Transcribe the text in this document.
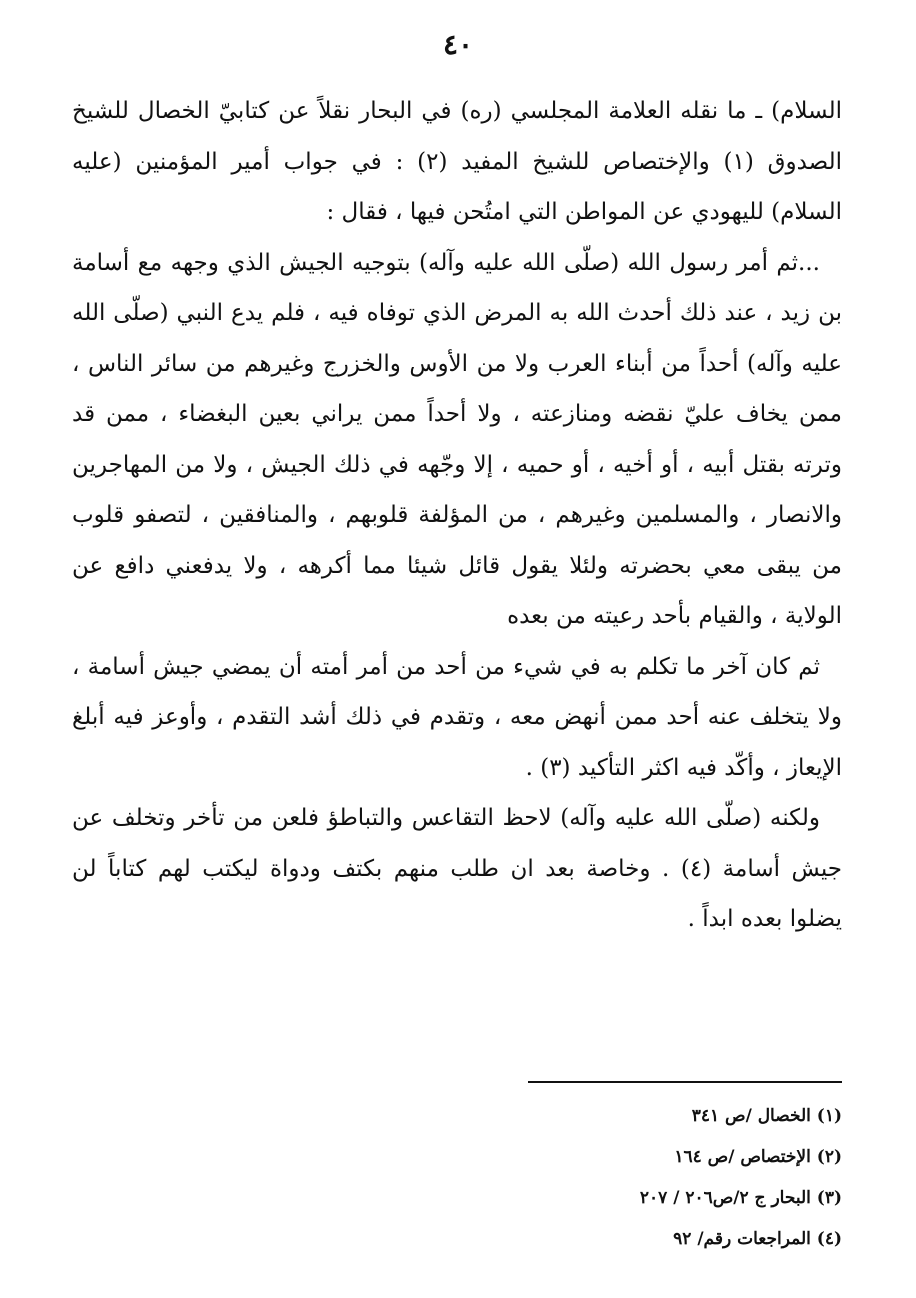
٤٠

السلام) ـ ما نقله العلامة المجلسي (ره) في البحار نقلاً عن كتابيّ الخصال للشيخ الصدوق (١) والإختصاص للشيخ المفيد (٢) : في جواب أمير المؤمنين (عليه السلام) لليهودي عن المواطن التي امتُحن فيها ، فقال :

...ثم أمر رسول الله (صلّى الله عليه وآله) بتوجيه الجيش الذي وجهه مع أسامة بن زيد ، عند ذلك أحدث الله به المرض الذي توفاه فيه ، فلم يدع النبي (صلّى الله عليه وآله) أحداً من أبناء العرب ولا من الأوس والخزرج وغيرهم من سائر الناس ، ممن يخاف عليّ نقضه ومنازعته ، ولا أحداً ممن يراني بعين البغضاء ، ممن قد وترته بقتل أبيه ، أو أخيه ، أو حميه ، إلا وجّهه في ذلك الجيش ، ولا من المهاجرين والانصار ، والمسلمين وغيرهم ، من المؤلفة قلوبهم ، والمنافقين ، لتصفو قلوب من يبقى معي بحضرته ولئلا يقول قائل شيئا مما أكرهه ، ولا يدفعني دافع عن الولاية ، والقيام بأحد رعيته من بعده

ثم كان آخر ما تكلم به في شيء من أحد من أمر أمته أن يمضي جيش أسامة ، ولا يتخلف عنه أحد ممن أنهض معه ، وتقدم في ذلك أشد التقدم ، وأوعز فيه أبلغ الإيعاز ، وأكّد فيه اكثر التأكيد (٣) .

ولكنه (صلّى الله عليه وآله) لاحظ التقاعس والتباطؤ فلعن من تأخر وتخلف عن جيش أسامة (٤) . وخاصة بعد ان طلب منهم بكتف ودواة ليكتب لهم كتاباً لن يضلوا بعده ابداً .

(١) الخصال /ص ٣٤١
(٢) الإختصاص /ص ١٦٤
(٣) البحار ج ٢/ص٢٠٦ / ٢٠٧
(٤) المراجعات رقم/ ٩٢
